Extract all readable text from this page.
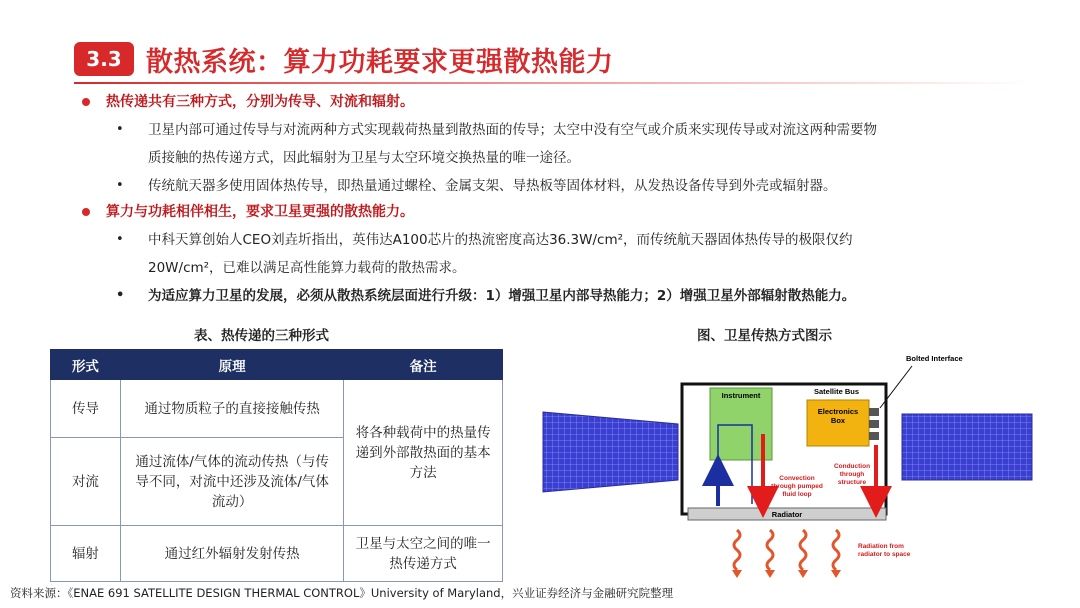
3.3 散热系统：算力功耗要求更强散热能力
热传递共有三种方式，分别为传导、对流和辐射。
• 卫星内部可通过传导与对流两种方式实现载荷热量到散热面的传导；太空中没有空气或介质来实现传导或对流这两种需要物
质接触的热传递方式，因此辐射为卫星与太空环境交换热量的唯一途径。
• 传统航天器多使用固体热传导，即热量通过螺栓、金属支架、导热板等固体材料，从发热设备传导到外壳或辐射器。
算力与功耗相伴相生，要求卫星更强的散热能力。
• 中科天算创始人CEO刘垚圻指出，英伟达A100芯片的热流密度高达36.3W/cm²，而传统航天器固体热传导的极限仅约
20W/cm²，已难以满足高性能算力载荷的散热需求。
• 为适应算力卫星的发展，必须从散热系统层面进行升级：1）增强卫星内部导热能力；2）增强卫星外部辐射散热能力。
表、热传递的三种形式
形式	原理	备注
传导	通过物质粒子的直接接触传热	将各种载荷中的热量传递到外部散热面的基本方法
对流	通过流体/气体的流动传热（与传导不同，对流中还涉及流体/气体流动）	
辐射	通过红外辐射发射传热	卫星与太空之间的唯一热传递方式
图、卫星传热方式图示
Instrument
Electronics
Box
Satellite Bus
Bolted Interface
Radiator
Convection
through pumped
fluid loop
Conduction
through
structure
Radiation from
radiator to space
资料来源：《ENAE 691 SATELLITE DESIGN THERMAL CONTROL》University of Maryland，兴业证券经济与金融研究院整理
